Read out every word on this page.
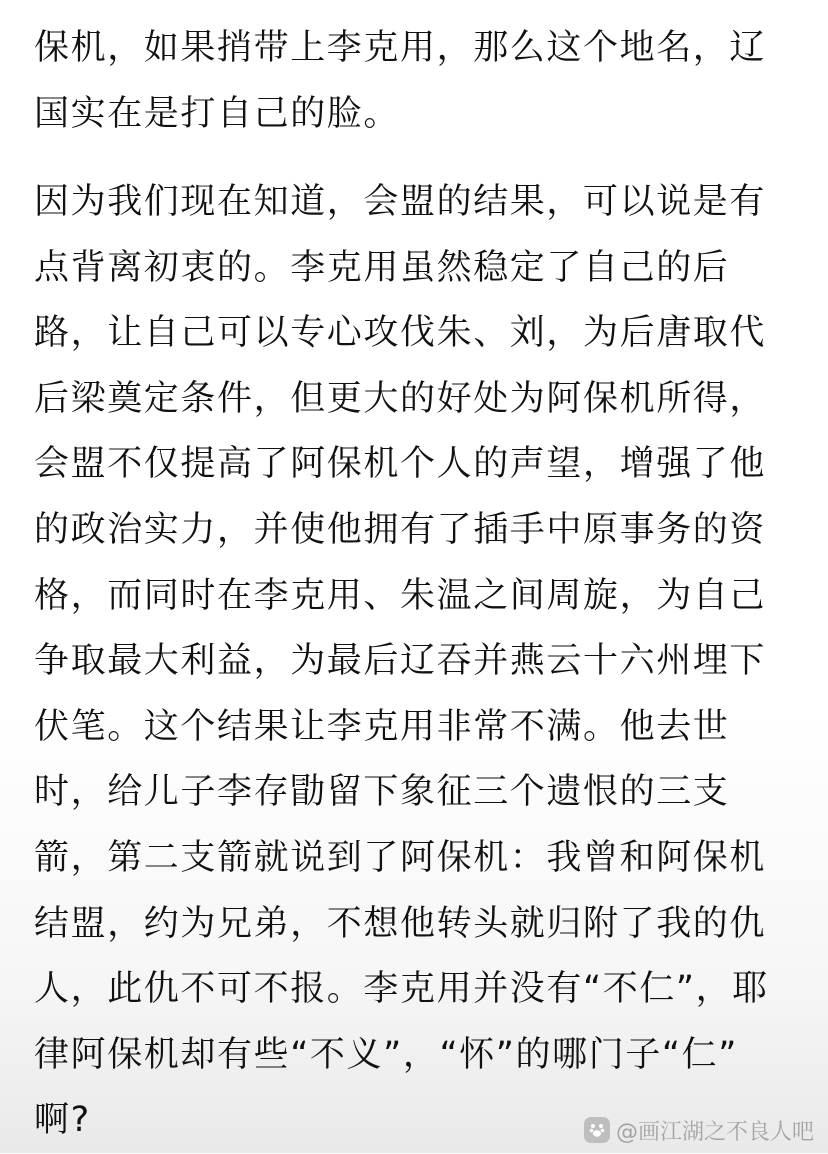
保机，如果捎带上李克用，那么这个地名，辽
国实在是打自己的脸。

因为我们现在知道，会盟的结果，可以说是有
点背离初衷的。李克用虽然稳定了自己的后
路，让自己可以专心攻伐朱、刘，为后唐取代
后梁奠定条件，但更大的好处为阿保机所得，
会盟不仅提高了阿保机个人的声望，增强了他
的政治实力，并使他拥有了插手中原事务的资
格，而同时在李克用、朱温之间周旋，为自己
争取最大利益，为最后辽吞并燕云十六州埋下
伏笔。这个结果让李克用非常不满。他去世
时，给儿子李存勖留下象征三个遗恨的三支
箭，第二支箭就说到了阿保机：我曾和阿保机
结盟，约为兄弟，不想他转头就归附了我的仇
人，此仇不可不报。李克用并没有“不仁”，耶
律阿保机却有些“不义”，“怀”的哪门子“仁”
啊?	@画江湖之不良人吧
